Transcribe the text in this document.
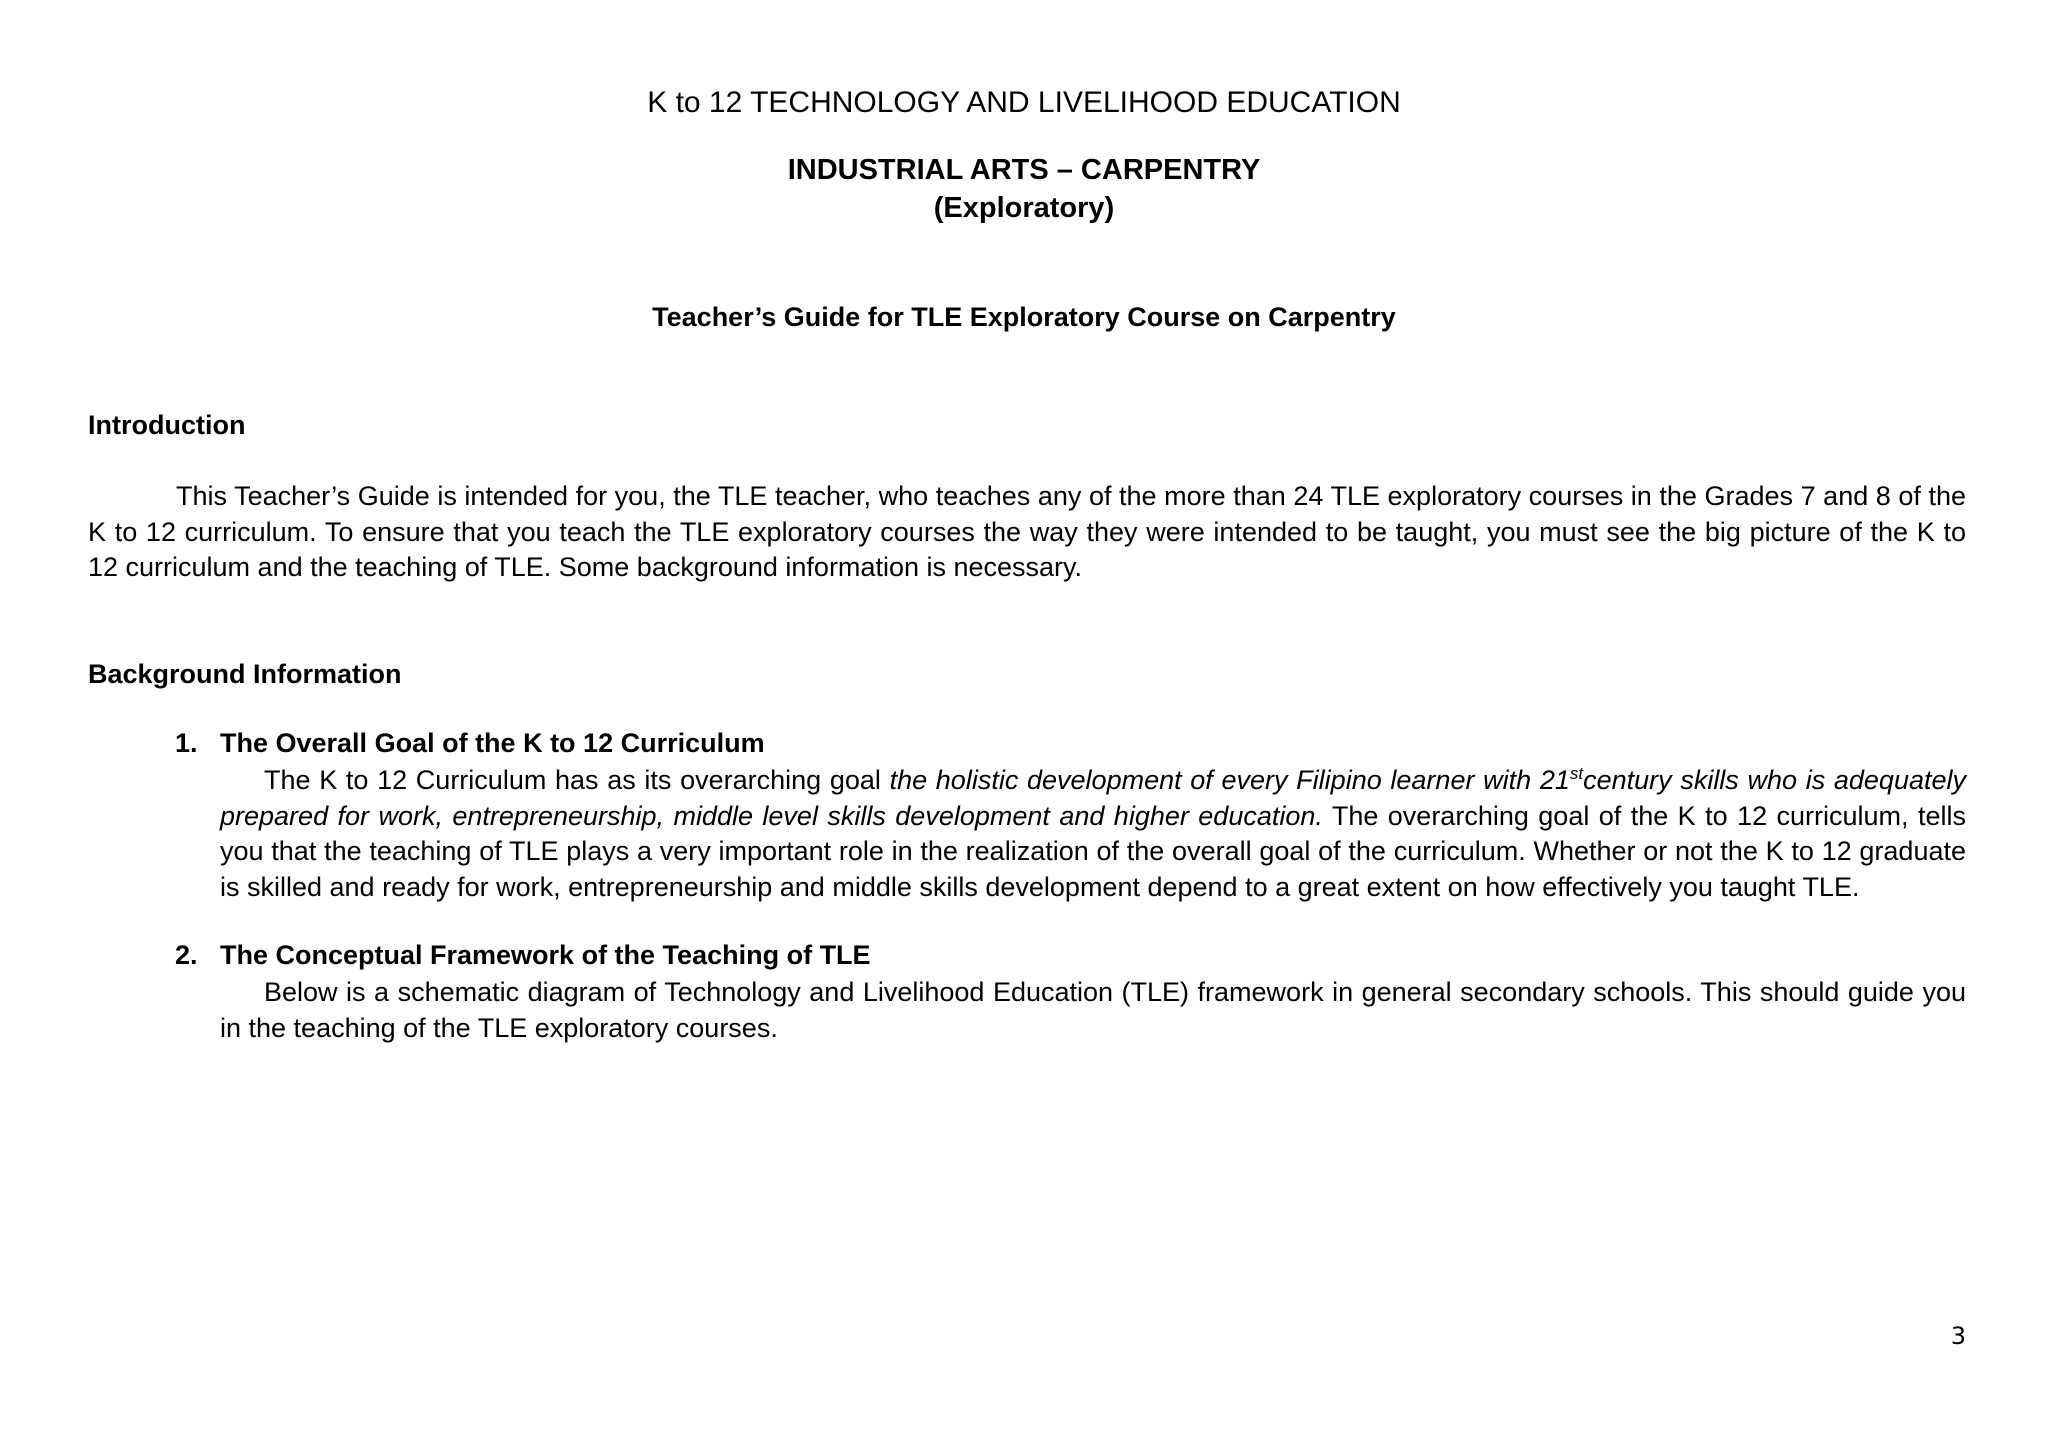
K to 12 TECHNOLOGY AND LIVELIHOOD EDUCATION
INDUSTRIAL ARTS – CARPENTRY
(Exploratory)
Teacher’s Guide for TLE Exploratory Course on Carpentry
Introduction
This Teacher’s Guide is intended for you, the TLE teacher, who teaches any of the more than 24 TLE exploratory courses in the Grades 7 and 8 of the K to 12 curriculum. To ensure that you teach the TLE exploratory courses the way they were intended to be taught, you must see the big picture of the K to 12 curriculum and the teaching of TLE. Some background information is necessary.
Background Information
1. The Overall Goal of the K to 12 Curriculum
The K to 12 Curriculum has as its overarching goal the holistic development of every Filipino learner with 21stcentury skills who is adequately prepared for work, entrepreneurship, middle level skills development and higher education. The overarching goal of the K to 12 curriculum, tells you that the teaching of TLE plays a very important role in the realization of the overall goal of the curriculum. Whether or not the K to 12 graduate is skilled and ready for work, entrepreneurship and middle skills development depend to a great extent on how effectively you taught TLE.
2. The Conceptual Framework of the Teaching of TLE
Below is a schematic diagram of Technology and Livelihood Education (TLE) framework in general secondary schools. This should guide you in the teaching of the TLE exploratory courses.
3
